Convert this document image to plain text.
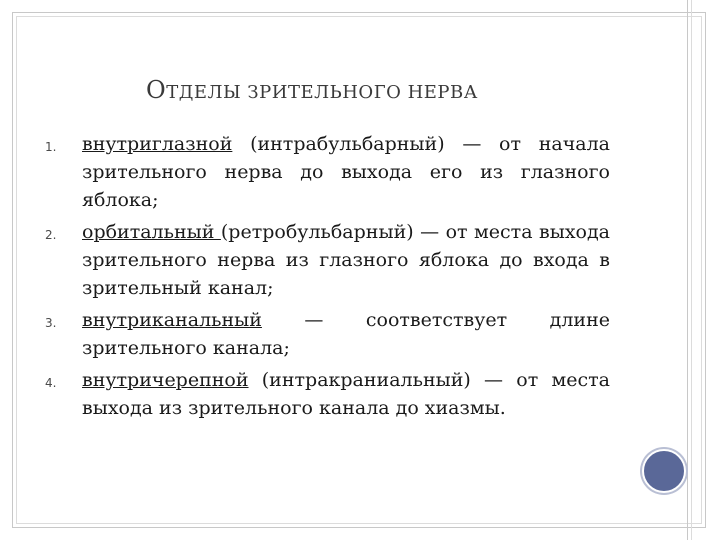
ОТДЕЛЫ ЗРИТЕЛЬНОГО НЕРВА
1. внутриглазной (интрабульбарный) — от начала зрительного нерва до выхода его из глазного яблока;
2. орбитальный (ретробульбарный) — от места выхода зрительного нерва из глазного яблока до входа в зрительный канал;
3. внутриканальный — соответствует длине зрительного канала;
4. внутричерепной (интракраниальный) — от места выхода из зрительного канала до хиазмы.
